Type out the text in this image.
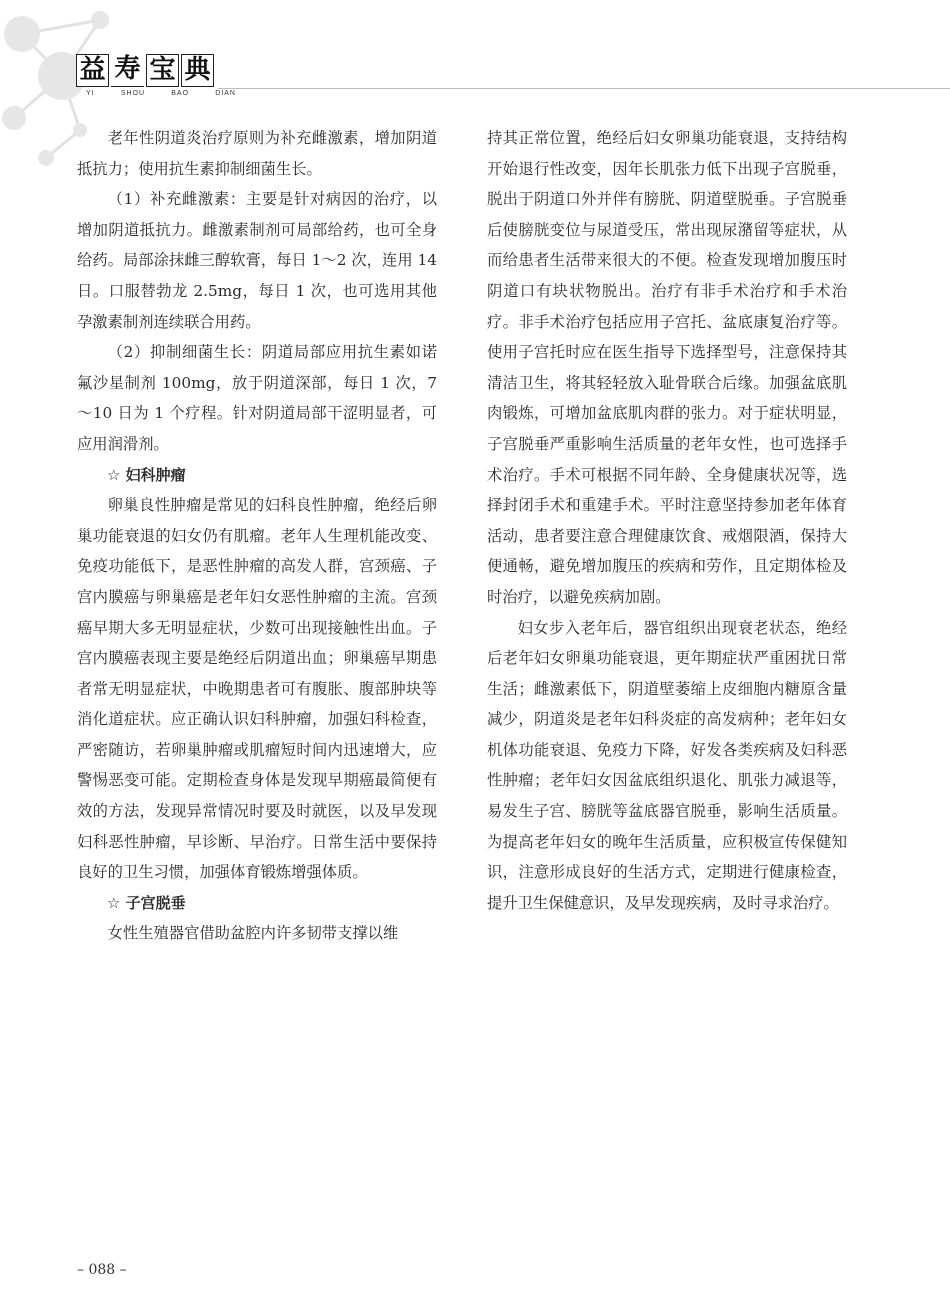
益 寿 宝 典
YI	SHOU	BAO	DIAN

老年性阴道炎治疗原则为补充雌激素，增加阴道抵抗力；使用抗生素抑制细菌生长。

（1）补充雌激素：主要是针对病因的治疗，以增加阴道抵抗力。雌激素制剂可局部给药，也可全身给药。局部涂抹雌三醇软膏，每日 1～2 次，连用 14 日。口服替勃龙 2.5mg，每日 1 次，也可选用其他孕激素制剂连续联合用药。

（2）抑制细菌生长：阴道局部应用抗生素如诺氟沙星制剂 100mg，放于阴道深部，每日 1 次，7～10 日为 1 个疗程。针对阴道局部干涩明显者，可应用润滑剂。

☆ 妇科肿瘤

卵巢良性肿瘤是常见的妇科良性肿瘤，绝经后卵巢功能衰退的妇女仍有肌瘤。老年人生理机能改变、免疫功能低下，是恶性肿瘤的高发人群，宫颈癌、子宫内膜癌与卵巢癌是老年妇女恶性肿瘤的主流。宫颈癌早期大多无明显症状，少数可出现接触性出血。子宫内膜癌表现主要是绝经后阴道出血；卵巢癌早期患者常无明显症状，中晚期患者可有腹胀、腹部肿块等消化道症状。应正确认识妇科肿瘤，加强妇科检查，严密随访，若卵巢肿瘤或肌瘤短时间内迅速增大，应警惕恶变可能。定期检查身体是发现早期癌最简便有效的方法，发现异常情况时要及时就医，以及早发现妇科恶性肿瘤，早诊断、早治疗。日常生活中要保持良好的卫生习惯，加强体育锻炼增强体质。

☆ 子宫脱垂

女性生殖器官借助盆腔内许多韧带支撑以维

持其正常位置，绝经后妇女卵巢功能衰退，支持结构开始退行性改变，因年长肌张力低下出现子宫脱垂，脱出于阴道口外并伴有膀胱、阴道壁脱垂。子宫脱垂后使膀胱变位与尿道受压，常出现尿潴留等症状，从而给患者生活带来很大的不便。检查发现增加腹压时阴道口有块状物脱出。治疗有非手术治疗和手术治疗。非手术治疗包括应用子宫托、盆底康复治疗等。使用子宫托时应在医生指导下选择型号，注意保持其清洁卫生，将其轻轻放入耻骨联合后缘。加强盆底肌肉锻炼，可增加盆底肌肉群的张力。对于症状明显，子宫脱垂严重影响生活质量的老年女性，也可选择手术治疗。手术可根据不同年龄、全身健康状况等，选择封闭手术和重建手术。平时注意坚持参加老年体育活动，患者要注意合理健康饮食、戒烟限酒，保持大便通畅，避免增加腹压的疾病和劳作，且定期体检及时治疗，以避免疾病加剧。

妇女步入老年后，器官组织出现衰老状态，绝经后老年妇女卵巢功能衰退，更年期症状严重困扰日常生活；雌激素低下，阴道壁萎缩上皮细胞内糖原含量减少，阴道炎是老年妇科炎症的高发病种；老年妇女机体功能衰退、免疫力下降，好发各类疾病及妇科恶性肿瘤；老年妇女因盆底组织退化、肌张力减退等，易发生子宫、膀胱等盆底器官脱垂，影响生活质量。为提高老年妇女的晚年生活质量，应积极宣传保健知识，注意形成良好的生活方式，定期进行健康检查，提升卫生保健意识，及早发现疾病，及时寻求治疗。

– 088 –
